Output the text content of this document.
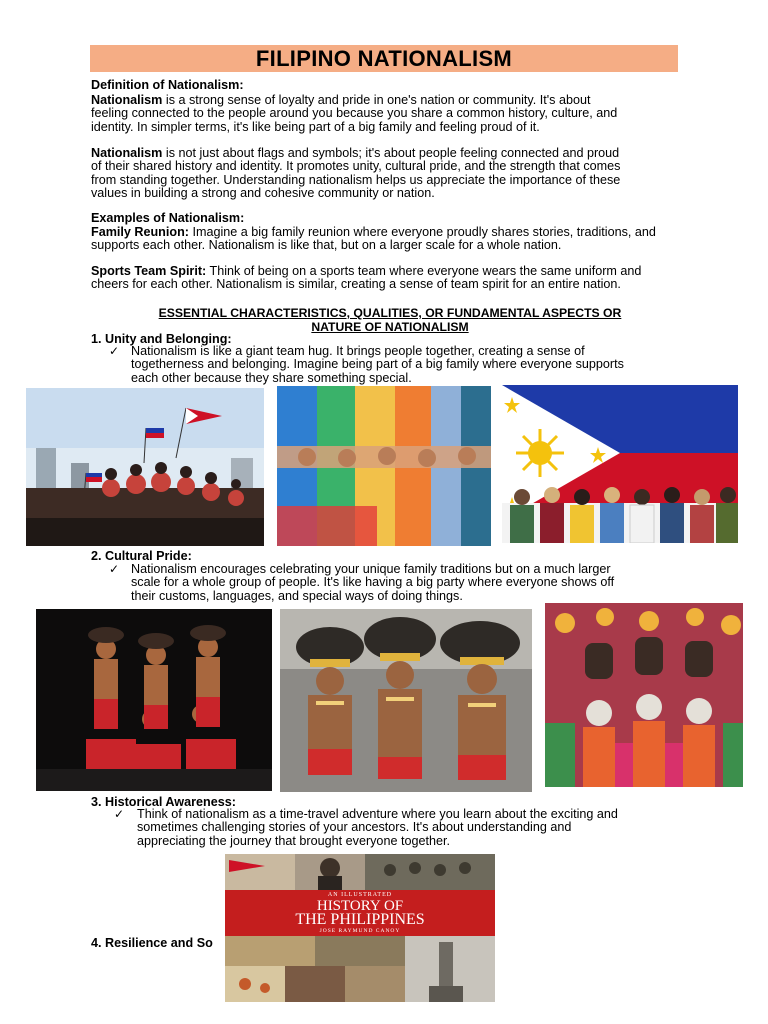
FILIPINO NATIONALISM
Definition of Nationalism:
Nationalism is a strong sense of loyalty and pride in one's nation or community. It's about
feeling connected to the people around you because you share a common history, culture, and
identity. In simpler terms, it's like being part of a big family and feeling proud of it.
Nationalism is not just about flags and symbols; it's about people feeling connected and proud
of their shared history and identity. It promotes unity, cultural pride, and the strength that comes
from standing together. Understanding nationalism helps us appreciate the importance of these
values in building a strong and cohesive community or nation.
Examples of Nationalism:
Family Reunion: Imagine a big family reunion where everyone proudly shares stories, traditions, and
supports each other. Nationalism is like that, but on a larger scale for a whole nation.
Sports Team Spirit: Think of being on a sports team where everyone wears the same uniform and
cheers for each other. Nationalism is similar, creating a sense of team spirit for an entire nation.
ESSENTIAL CHARACTERISTICS, QUALITIES, OR FUNDAMENTAL ASPECTS OR
NATURE OF NATIONALISM
1. Unity and Belonging:
✓ Nationalism is like a giant team hug. It brings people together, creating a sense of
togetherness and belonging. Imagine being part of a big family where everyone supports
each other because they share something special.
2. Cultural Pride:
✓ Nationalism encourages celebrating your unique family traditions but on a much larger
scale for a whole group of people. It's like having a big party where everyone shows off
their customs, languages, and special ways of doing things.
3. Historical Awareness:
✓ Think of nationalism as a time-travel adventure where you learn about the exciting and
sometimes challenging stories of your ancestors. It's about understanding and
appreciating the journey that brought everyone together.
4. Resilience and So
AN ILLUSTRATED
HISTORY OF
THE PHILIPPINES
JOSE RAYMUND CANOY
